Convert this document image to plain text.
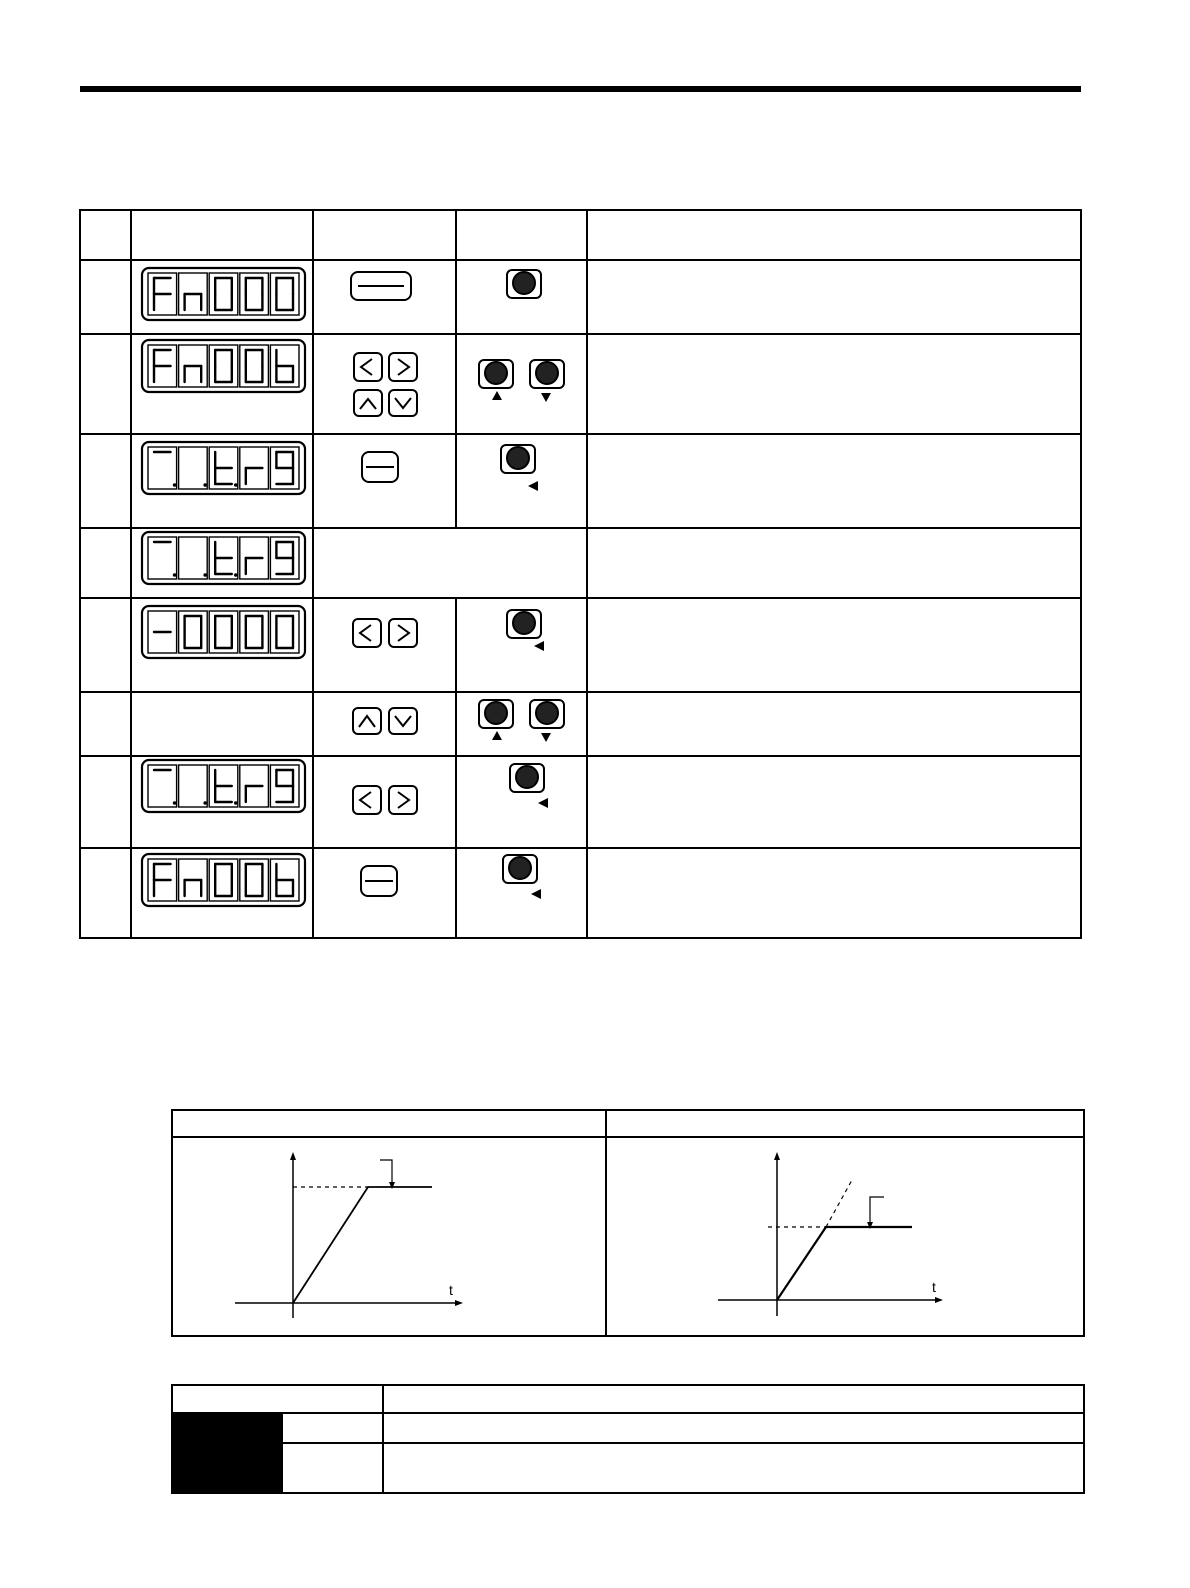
t	t
